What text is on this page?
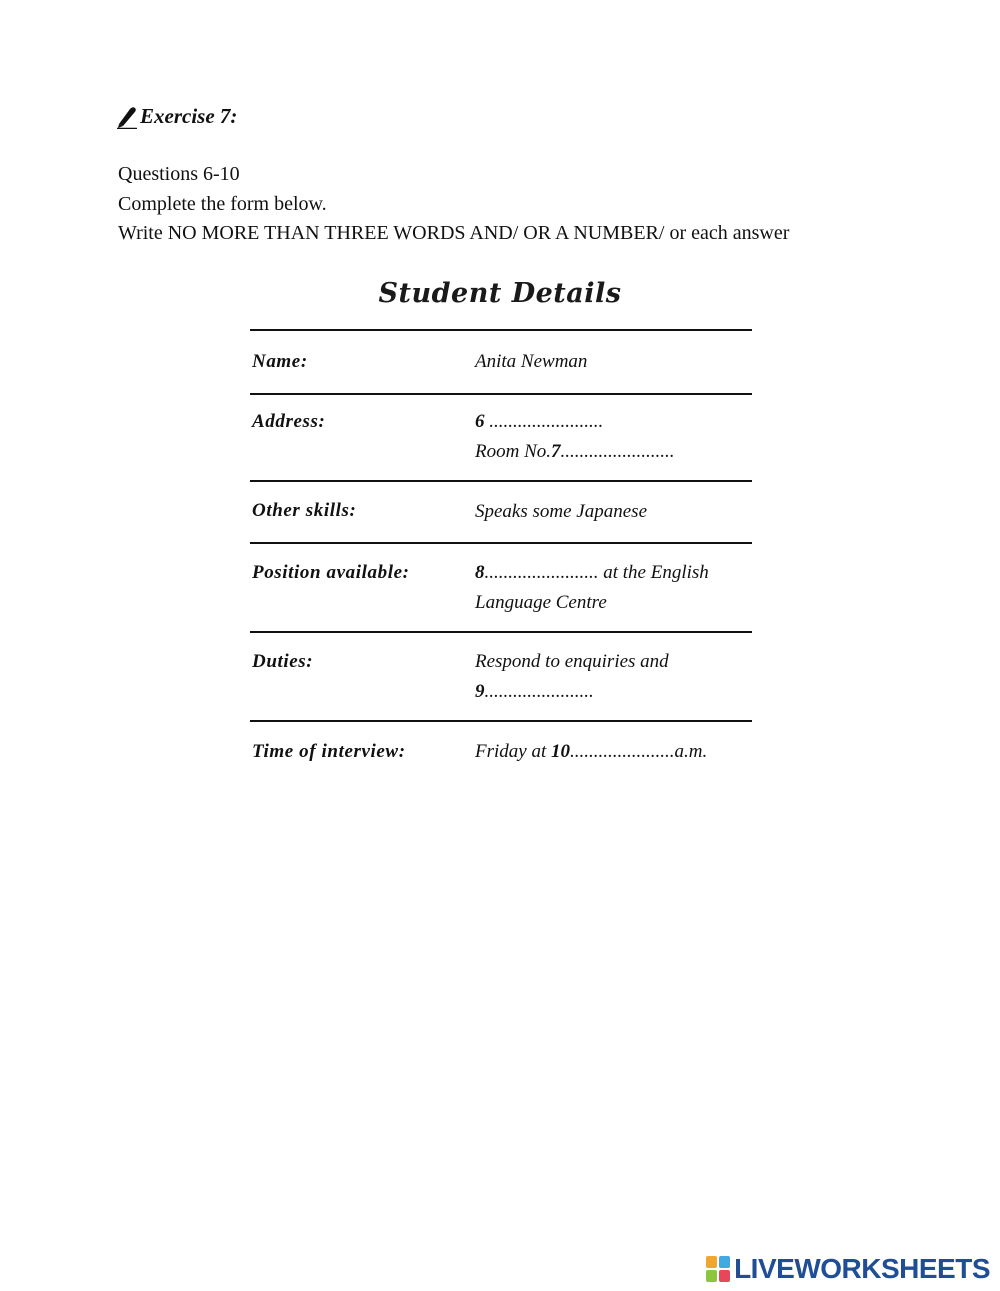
Exercise 7:
Questions 6-10
Complete the form below.
Write NO MORE THAN THREE WORDS AND/ OR A NUMBER/ or each answer
Student Details
Name:	Anita Newman
Address:	6 ........................
Room No.7........................
Other skills:	Speaks some Japanese
Position available:	8........................ at the English
Language Centre
Duties:	Respond to enquiries and
9.......................
Time of interview:	Friday at 10......................a.m.
LIVEWORKSHEETS
